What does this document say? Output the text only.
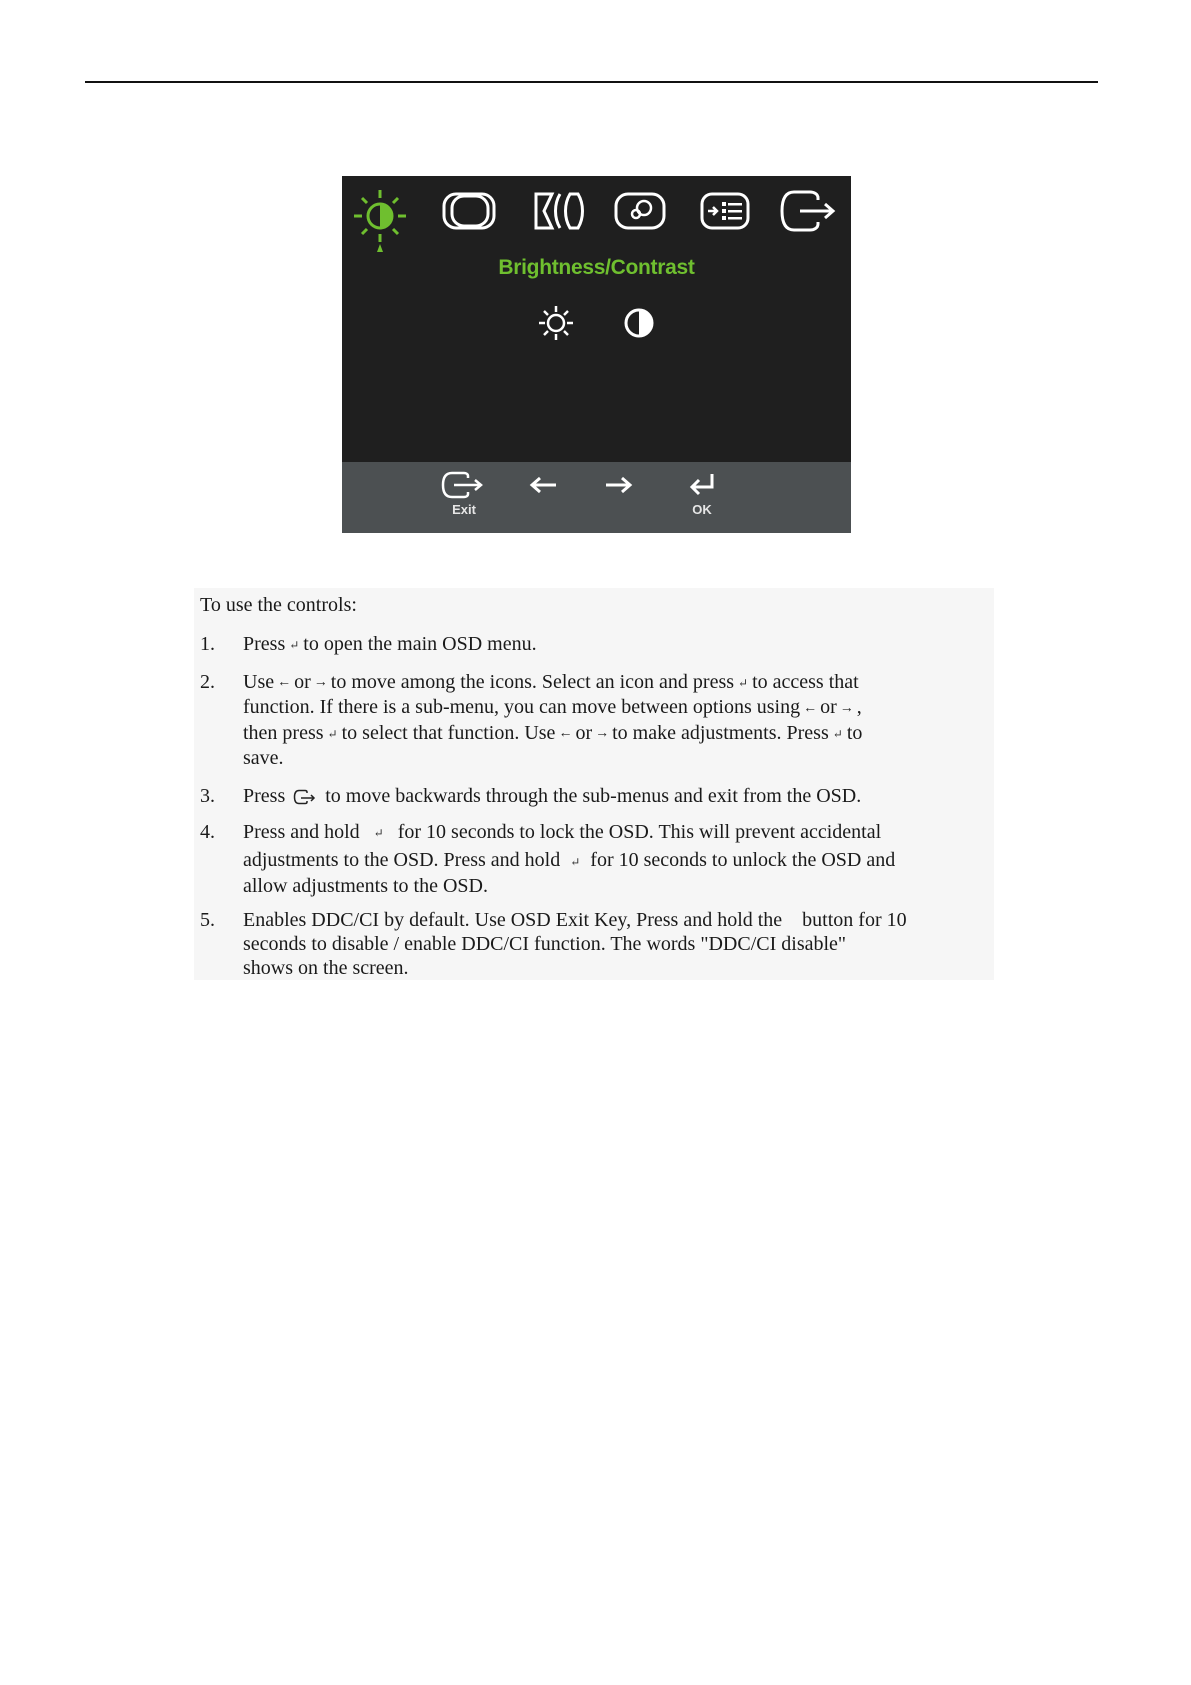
Brightness/Contrast
Exit	OK
To use the controls:
1.	Press ↵ to open the main OSD menu.
2.	Use ← or → to move among the icons. Select an icon and press ↵ to access that
function. If there is a sub-menu, you can move between options using ← or → ,
then press ↵ to select that function. Use ← or → to make adjustments. Press ↵ to
save.
3.	Press to move backwards through the sub-menus and exit from the OSD.
4.	Press and hold ↵ for 10 seconds to lock the OSD. This will prevent accidental
adjustments to the OSD. Press and hold ↵ for 10 seconds to unlock the OSD and
allow adjustments to the OSD.
5.	Enables DDC/CI by default. Use OSD Exit Key, Press and hold the    button for 10
seconds to disable / enable DDC/CI function. The words "DDC/CI disable"
shows on the screen.
